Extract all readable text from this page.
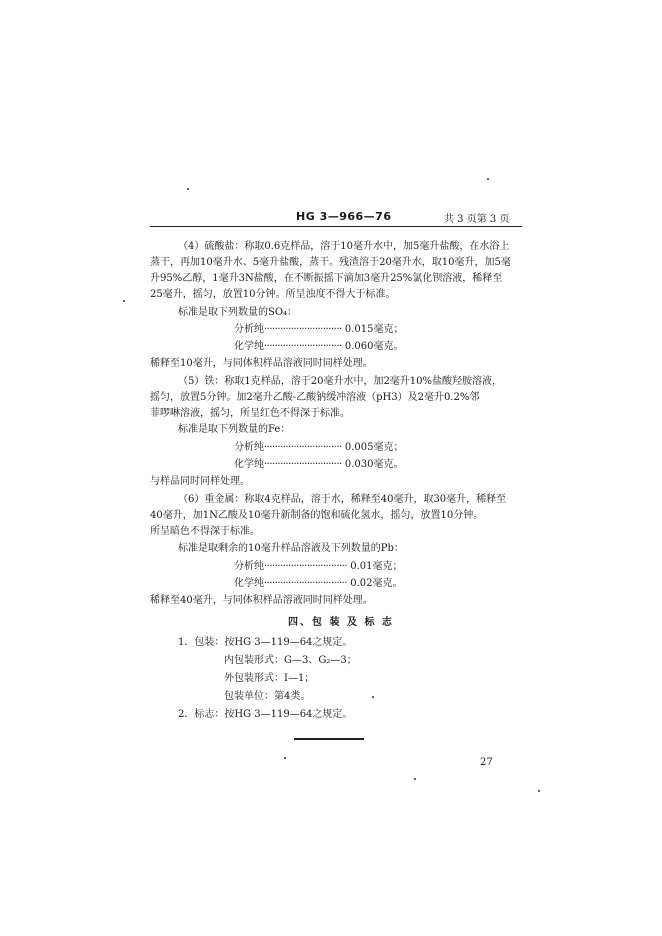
HG 3—966—76	共 3 页第 3 页
（4）硫酸盐：称取0.6克样品，溶于10毫升水中，加5毫升盐酸，在水浴上
蒸干，再加10毫升水、5毫升盐酸，蒸干。残渣溶于20毫升水，取10毫升，加5毫
升95%乙醇，1毫升3N盐酸，在不断振摇下滴加3毫升25%氯化钡溶液，稀释至
25毫升，摇匀，放置10分钟。所呈浊度不得大于标准。
标准是取下列数量的SO₄：
分析纯····························· 0.015毫克；
化学纯····························· 0.060毫克。
稀释至10毫升，与同体积样品溶液同时同样处理。
（5）铁：称取1克样品，溶于20毫升水中，加2毫升10%盐酸羟胺溶液，
摇匀，放置5分钟。加2毫升乙酸-乙酸钠缓冲溶液（pH3）及2毫升0.2%邻
菲啰啉溶液，摇匀，所呈红色不得深于标准。
标准是取下列数量的Fe：
分析纯····························· 0.005毫克；
化学纯····························· 0.030毫克。
与样品同时同样处理。
（6）重金属：称取4克样品，溶于水，稀释至40毫升，取30毫升，稀释至
40毫升，加1N乙酸及10毫升新制备的饱和硫化氢水，摇匀，放置10分钟。
所呈暗色不得深于标准。
标准是取剩余的10毫升样品溶液及下列数量的Pb：
分析纯······························· 0.01毫克；
化学纯······························· 0.02毫克。
稀释至40毫升，与同体积样品溶液同时同样处理。
四、包 装 及 标 志
1．包装：按HG 3—119—64之规定。
内包装形式：G—3、G₂—3；
外包装形式：Ⅰ—1；
包装单位：第4类。
2．标志：按HG 3—119—64之规定。
27
